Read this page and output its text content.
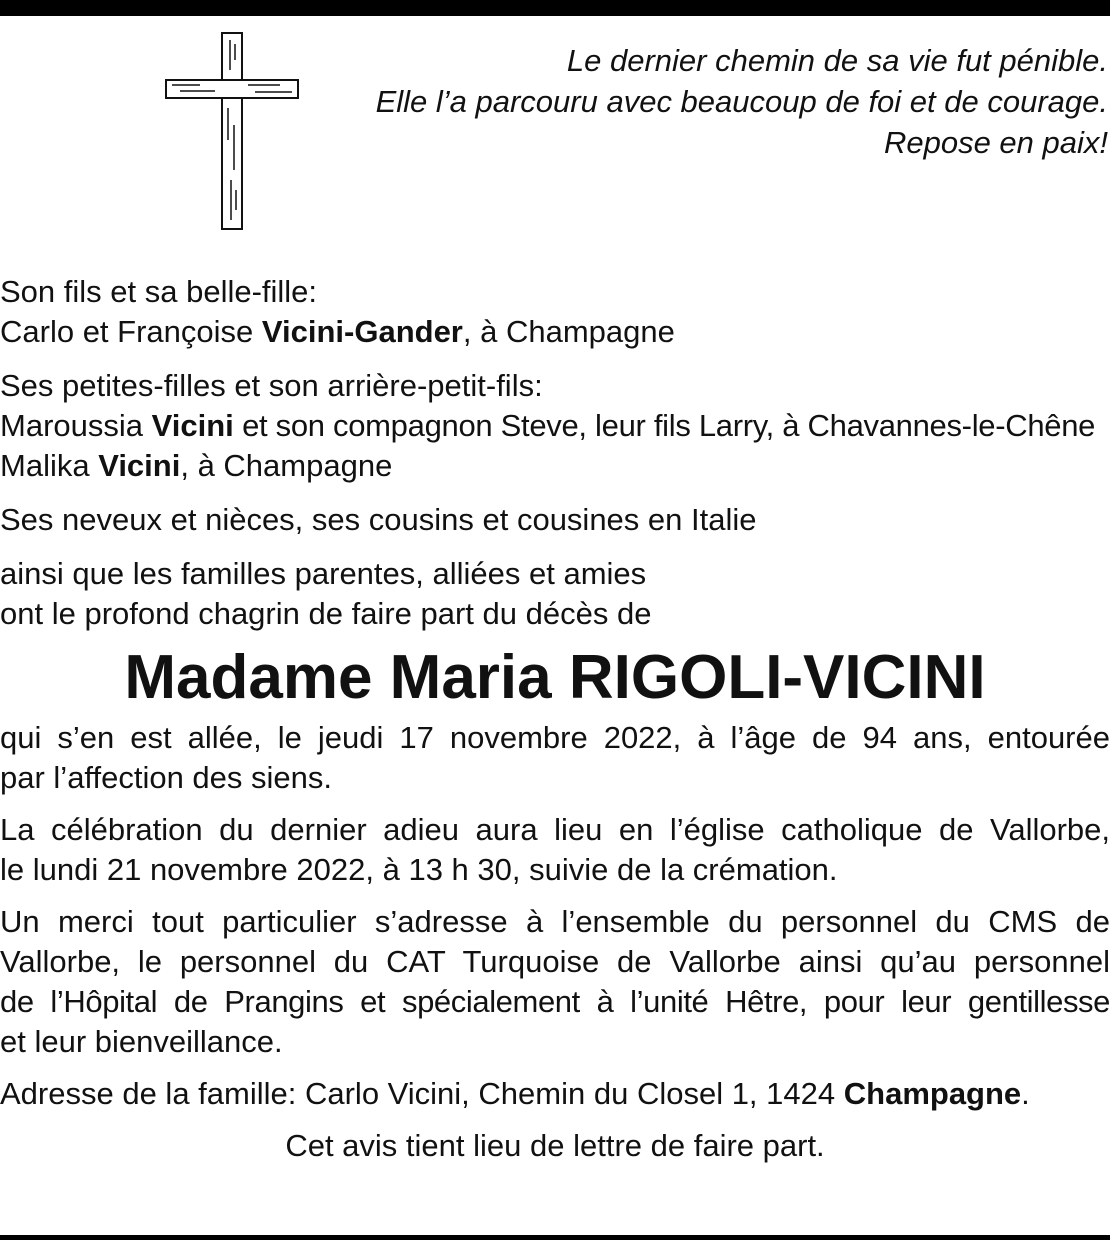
Le dernier chemin de sa vie fut pénible.
Elle l’a parcouru avec beaucoup de foi et de courage.
Repose en paix!
Son fils et sa belle-fille:
Carlo et Françoise Vicini-Gander, à Champagne
Ses petites-filles et son arrière-petit-fils:
Maroussia Vicini et son compagnon Steve, leur fils Larry, à Chavannes-le-Chêne
Malika Vicini, à Champagne
Ses neveux et nièces, ses cousins et cousines en Italie
ainsi que les familles parentes, alliées et amies
ont le profond chagrin de faire part du décès de
Madame Maria RIGOLI-VICINI
qui s’en est allée, le jeudi 17 novembre 2022, à l’âge de 94 ans, entourée
par l’affection des siens.
La célébration du dernier adieu aura lieu en l’église catholique de Vallorbe,
le lundi 21 novembre 2022, à 13 h 30, suivie de la crémation.
Un merci tout particulier s’adresse à l’ensemble du personnel du CMS de
Vallorbe, le personnel du CAT Turquoise de Vallorbe ainsi qu’au personnel
de l’Hôpital de Prangins et spécialement à l’unité Hêtre, pour leur gentillesse
et leur bienveillance.
Adresse de la famille: Carlo Vicini, Chemin du Closel 1, 1424 Champagne.
Cet avis tient lieu de lettre de faire part.
